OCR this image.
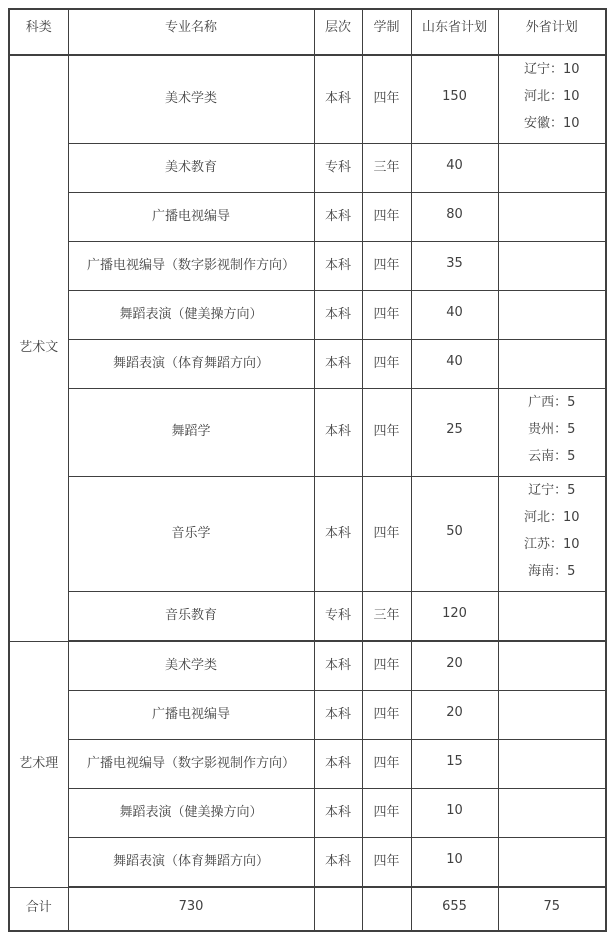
科类	专业名称	层次	学制	山东省计划	外省计划
艺术文	美术学类	本科	四年	150	辽宁：10
河北：10
安徽：10

	美术教育	专科	三年	40	
	广播电视编导	本科	四年	80	
	广播电视编导（数字影视制作方向）	本科	四年	35	
	舞蹈表演（健美操方向）	本科	四年	40	
	舞蹈表演（体育舞蹈方向）	本科	四年	40	
	舞蹈学	本科	四年	25	广西：5
贵州：5
云南：5

	音乐学	本科	四年	50	辽宁：5
河北：10
江苏：10
海南：5

	音乐教育	专科	三年	120	
艺术理	美术学类	本科	四年	20	
	广播电视编导	本科	四年	20	
	广播电视编导（数字影视制作方向）	本科	四年	15	
	舞蹈表演（健美操方向）	本科	四年	10	
	舞蹈表演（体育舞蹈方向）	本科	四年	10	
合计	730			655	75
